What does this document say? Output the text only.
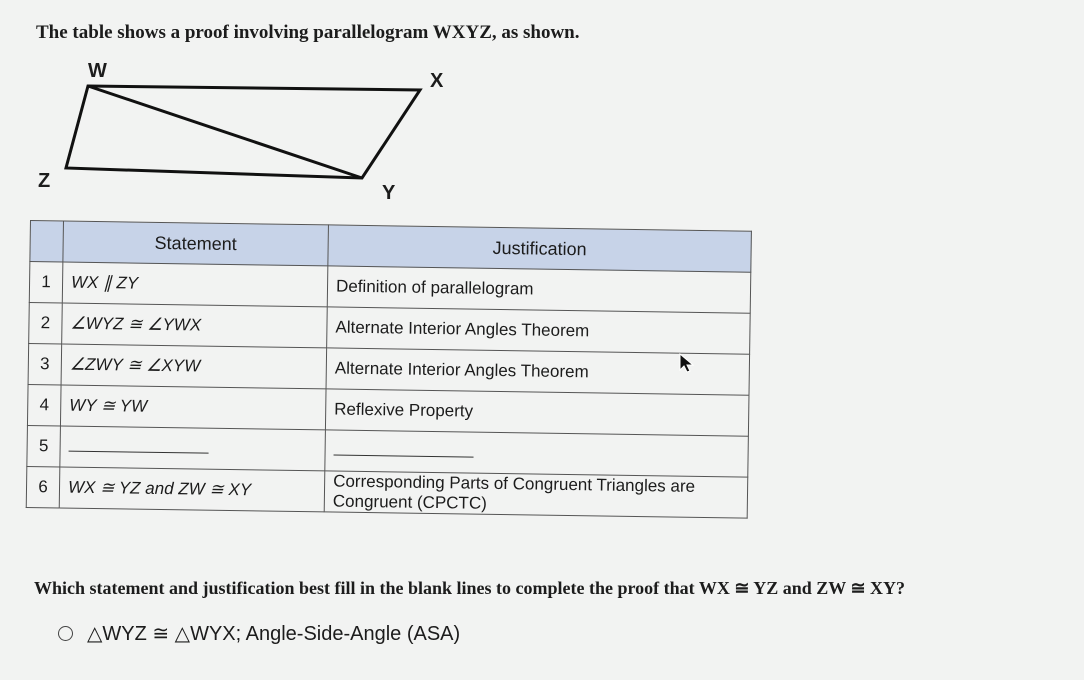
The table shows a proof involving parallelogram WXYZ, as shown.
W	X
Y
Z
	Statement	Justification
1	WX ∥ ZY	Definition of parallelogram
2	∠WYZ ≅ ∠YWX	Alternate Interior Angles Theorem
3	∠ZWY ≅ ∠XYW	Alternate Interior Angles Theorem
4	WY ≅ YW	Reflexive Property
5		
6	WX ≅ YZ and ZW ≅ XY	Corresponding Parts of Congruent Triangles are Congruent (CPCTC)
Which statement and justification best fill in the blank lines to complete the proof that WX ≅ YZ and ZW ≅ XY?
△WYZ ≅ △WYX; Angle-Side-Angle (ASA)
